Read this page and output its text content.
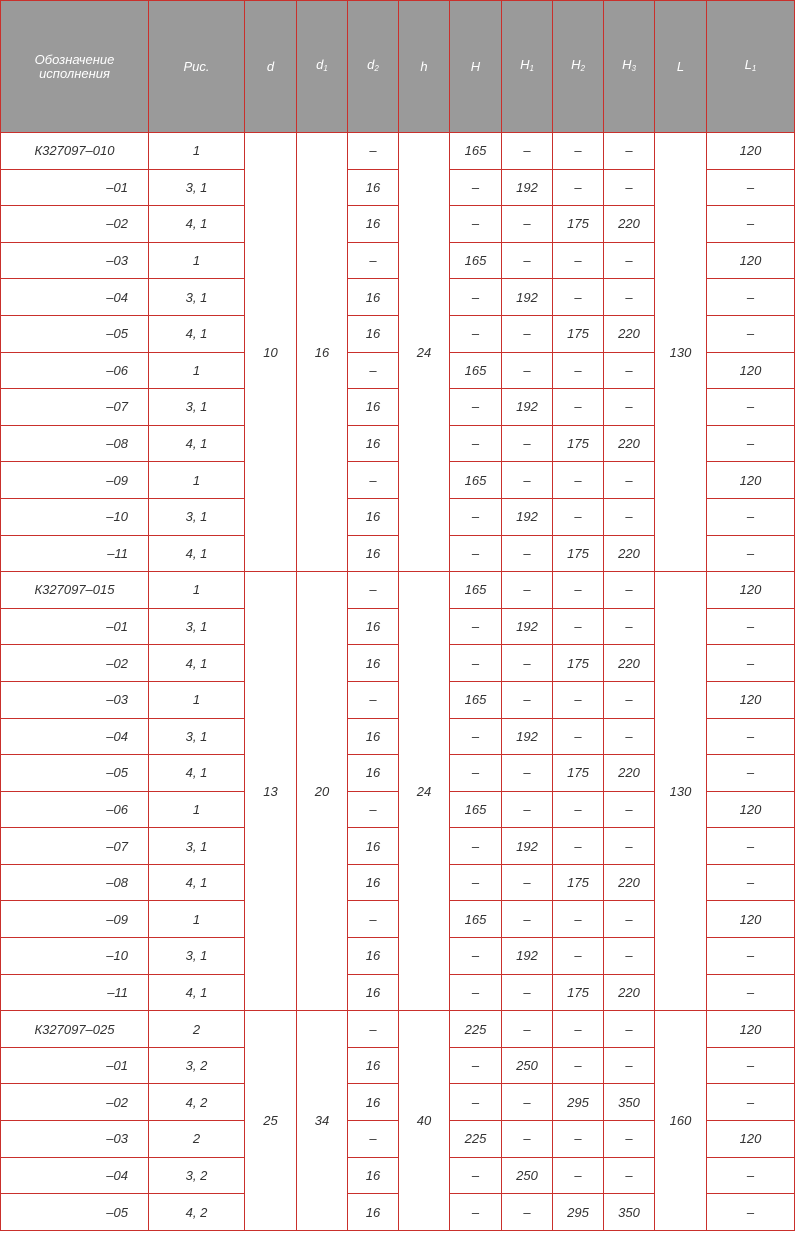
Обозначение
исполнения	Рис.	d	$d_1$	$d_2$	h	H	$H_1$	$H_2$	$H_3$	L	$L_1$
К327097–010	1	10	16	–	24	165	–	–	–	130	120
–01	3, 1			16		–	192	–	–		–
–02	4, 1			16		–	–	175	220		–
–03	1			–		165	–	–	–		120
–04	3, 1			16		–	192	–	–		–
–05	4, 1			16		–	–	175	220		–
–06	1			–		165	–	–	–		120
–07	3, 1			16		–	192	–	–		–
–08	4, 1			16		–	–	175	220		–
–09	1			–		165	–	–	–		120
–10	3, 1			16		–	192	–	–		–
–11	4, 1			16		–	–	175	220		–
К327097–015	1	13	20	–	24	165	–	–	–	130	120
–01	3, 1			16		–	192	–	–		–
–02	4, 1			16		–	–	175	220		–
–03	1			–		165	–	–	–		120
–04	3, 1			16		–	192	–	–		–
–05	4, 1			16		–	–	175	220		–
–06	1			–		165	–	–	–		120
–07	3, 1			16		–	192	–	–		–
–08	4, 1			16		–	–	175	220		–
–09	1			–		165	–	–	–		120
–10	3, 1			16		–	192	–	–		–
–11	4, 1			16		–	–	175	220		–
К327097–025	2	25	34	–	40	225	–	–	–	160	120
–01	3, 2			16		–	250	–	–		–
–02	4, 2			16		–	–	295	350		–
–03	2			–		225	–	–	–		120
–04	3, 2			16		–	250	–	–		–
–05	4, 2			16		–	–	295	350		–
